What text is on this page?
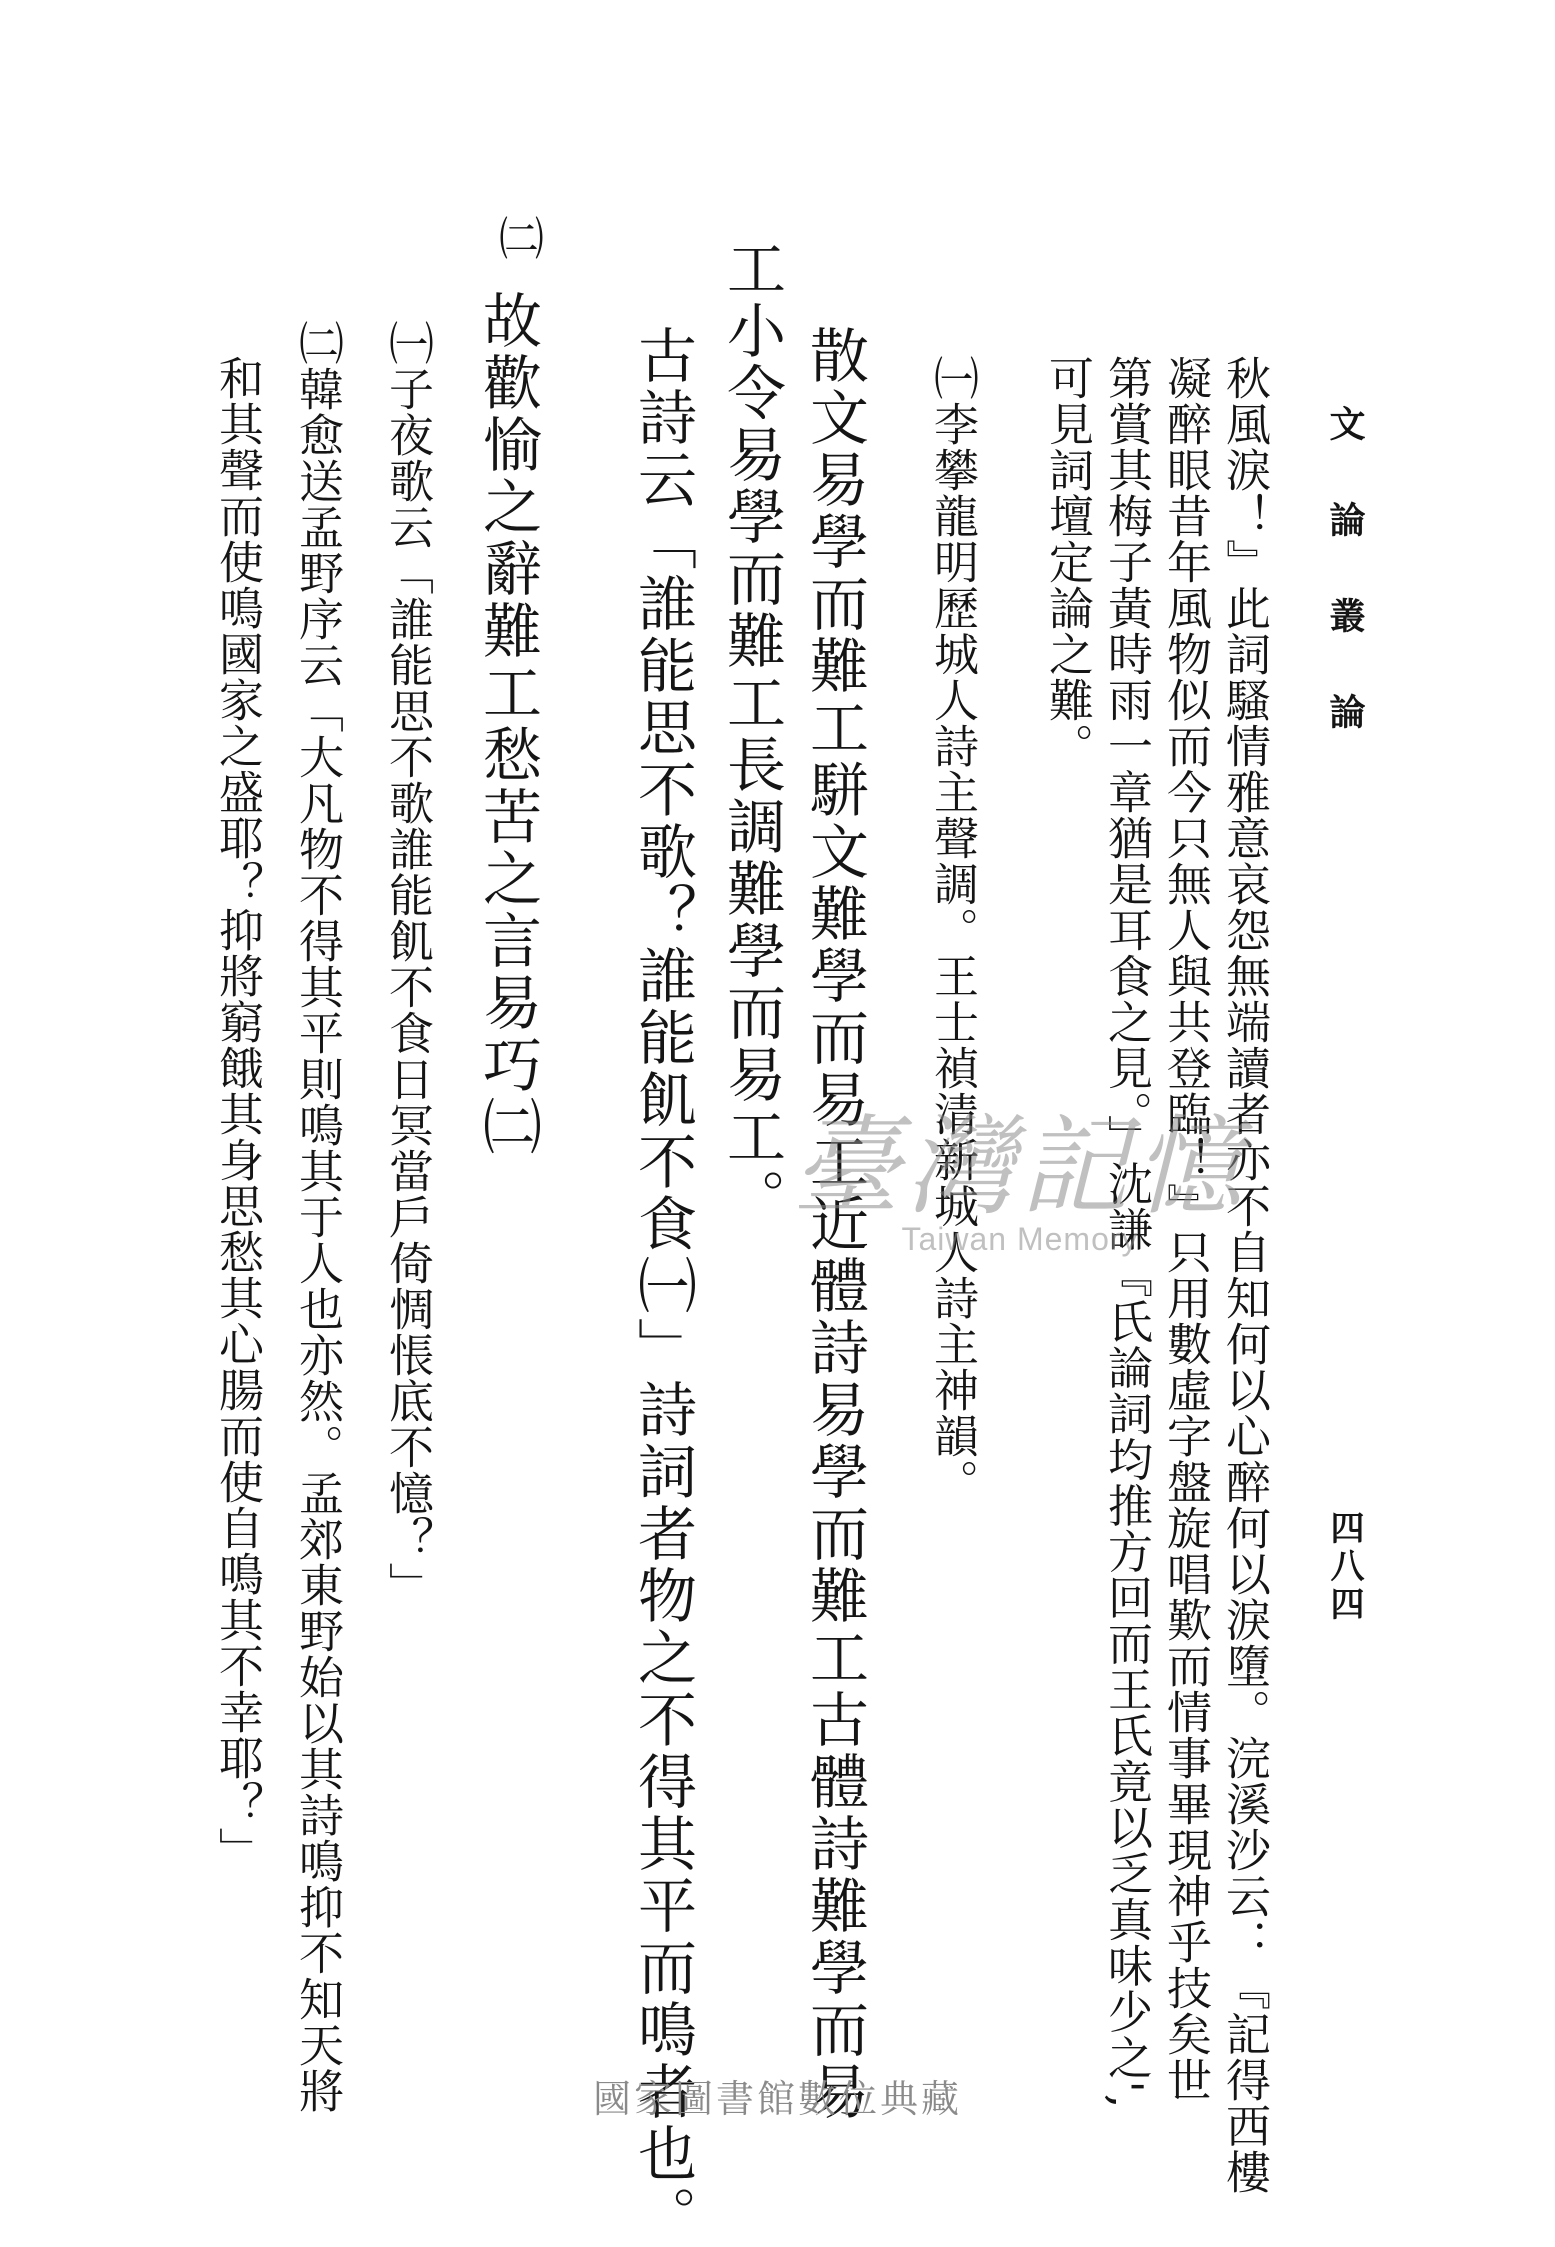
文論叢論
四八四
秋風淚！』此詞騷情雅意哀怨無端讀者亦不自知何以心醉何以淚墮。浣溪沙云：『記得西樓
凝醉眼昔年風物似而今只無人與共登臨！』只用數虛字盤旋唱歎而情事畢現神乎技矣世
第賞其梅子黃時雨一章猶是耳食之見。」沈謙『氏論詞均推方回而王氏竟以乏真味少之',
可見詞壇定論之難。
㈠李攀龍明歷城人詩主聲調。王士禎清新城人詩主神韻。
散文易學而難工駢文難學而易工近體詩易學而難工古體詩難學而易
工小令易學而難工長調難學而易工。
古詩云「誰能思不歌？誰能飢不食㈠」詩詞者物之不得其平而鳴者也。
故歡愉之辭難工愁苦之言易巧㈡
㈠子夜歌云「誰能思不歌誰能飢不食日冥當戶倚惆悵底不憶？」
㈡韓愈送孟野序云「大凡物不得其平則鳴其于人也亦然。孟郊東野始以其詩鳴抑不知天將
和其聲而使鳴國家之盛耶？抑將窮餓其身思愁其心腸而使自鳴其不幸耶？」
㈡
臺灣記憶
Taiwan Memory
國家圖書館數位典藏
